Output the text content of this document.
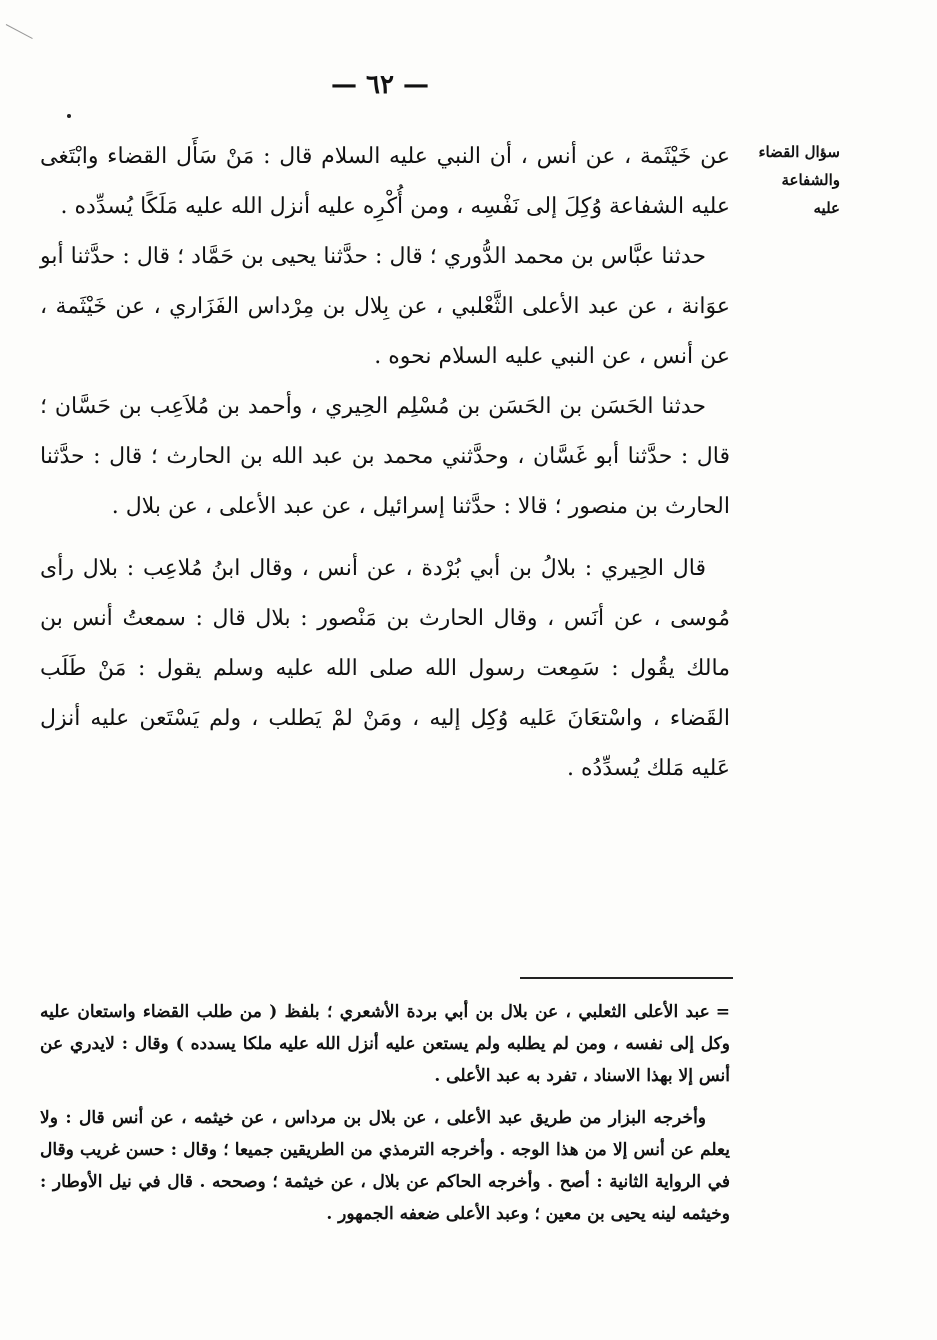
— ٦٢ —
سؤال القضاء والشفاعة عليه

عن خَيْثَمة ، عن أنس ، أن النبي عليه السلام قال : مَنْ سَأَل القضاء وابْتَغى عليه الشفاعة وُكِلَ إلى نَفْسِه ، ومن أُكْرِه عليه أنزل الله عليه مَلَكًا يُسدِّده .

حدثنا عبَّاس بن محمد الدُّوري ؛ قال : حدَّثنا يحيى بن حَمَّاد ؛ قال : حدَّثنا أبو عوَانة ، عن عبد الأعلى الثَّعْلبي ، عن بِلال بن مِرْداس الفَزَاري ، عن خَيْثَمة ، عن أنس ، عن النبي عليه السلام نحوه .

حدثنا الحَسَن بن الحَسَن بن مُسْلِم الحِيري ، وأحمد بن مُلاَعِب بن حَسَّان ؛ قال : حدَّثنا أبو غَسَّان ، وحدَّثني محمد بن عبد الله بن الحارث ؛ قال : حدَّثنا الحارث بن منصور ؛ قالا : حدَّثنا إسرائيل ، عن عبد الأعلى ، عن بلال .

قال الحِيري : بلالُ بن أبي بُرْدة ، عن أنس ، وقال ابنُ مُلاعِب : بلال رأى مُوسى ، عن أنَس ، وقال الحارث بن مَنْصور : بلال قال : سمعتُ أنس بن مالك يقُول : سَمِعت رسول الله صلى الله عليه وسلم يقول : مَنْ طَلَب القَضاء ، واسْتعَانَ عَليه وُكِل إليه ، ومَنْ لمْ يَطلب ، ولم يَسْتَعن عليه أنزل عَليه مَلك يُسدِّدُه .

=عبد الأعلى الثعلبي ، عن بلال بن أبي بردة الأشعري ؛ بلفظ ( من طلب القضاء واستعان عليه وكل إلى نفسه ، ومن لم يطلبه ولم يستعن عليه أنزل الله عليه ملكا يسدده ) وقال : لايدري عن أنس إلا بهذا الاسناد ، تفرد به عبد الأعلى .

وأخرجه البزار من طريق عبد الأعلى ، عن بلال بن مرداس ، عن خيثمه ، عن أنس قال : ولا يعلم عن أنس إلا من هذا الوجه . وأخرجه الترمذي من الطريقين جميعا ؛ وقال : حسن غريب وقال في الرواية الثانية : أصح . وأخرجه الحاكم عن بلال ، عن خيثمة ؛ وصححه . قال في نيل الأوطار : وخيثمه لينه يحيى بن معين ؛ وعبد الأعلى ضعفه الجمهور .
